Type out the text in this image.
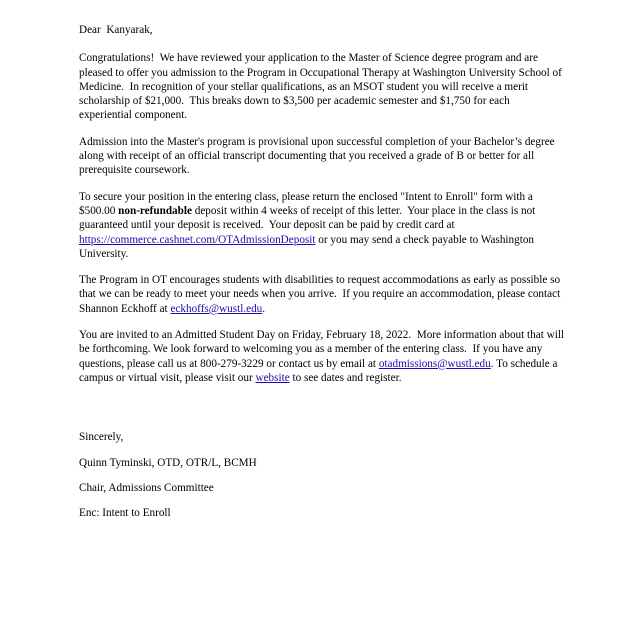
Dear  Kanyarak,

Congratulations!  We have reviewed your application to the Master of Science degree program and are pleased to offer you admission to the Program in Occupational Therapy at Washington University School of Medicine.  In recognition of your stellar qualifications, as an MSOT student you will receive a merit scholarship of $21,000.  This breaks down to $3,500 per academic semester and $1,750 for each experiential component.

Admission into the Master's program is provisional upon successful completion of your Bachelor’s degree along with receipt of an official transcript documenting that you received a grade of B or better for all prerequisite coursework.

To secure your position in the entering class, please return the enclosed "Intent to Enroll" form with a $500.00 non-refundable deposit within 4 weeks of receipt of this letter.  Your place in the class is not guaranteed until your deposit is received.  Your deposit can be paid by credit card at https://commerce.cashnet.com/OTAdmissionDeposit or you may send a check payable to Washington University.

The Program in OT encourages students with disabilities to request accommodations as early as possible so that we can be ready to meet your needs when you arrive.  If you require an accommodation, please contact Shannon Eckhoff at eckhoffs@wustl.edu.

You are invited to an Admitted Student Day on Friday, February 18, 2022.  More information about that will be forthcoming. We look forward to welcoming you as a member of the entering class.  If you have any questions, please call us at 800-279-3229 or contact us by email at otadmissions@wustl.edu. To schedule a campus or virtual visit, please visit our website to see dates and register.

Sincerely,

Quinn Tyminski, OTD, OTR/L, BCMH

Chair, Admissions Committee

Enc: Intent to Enroll
